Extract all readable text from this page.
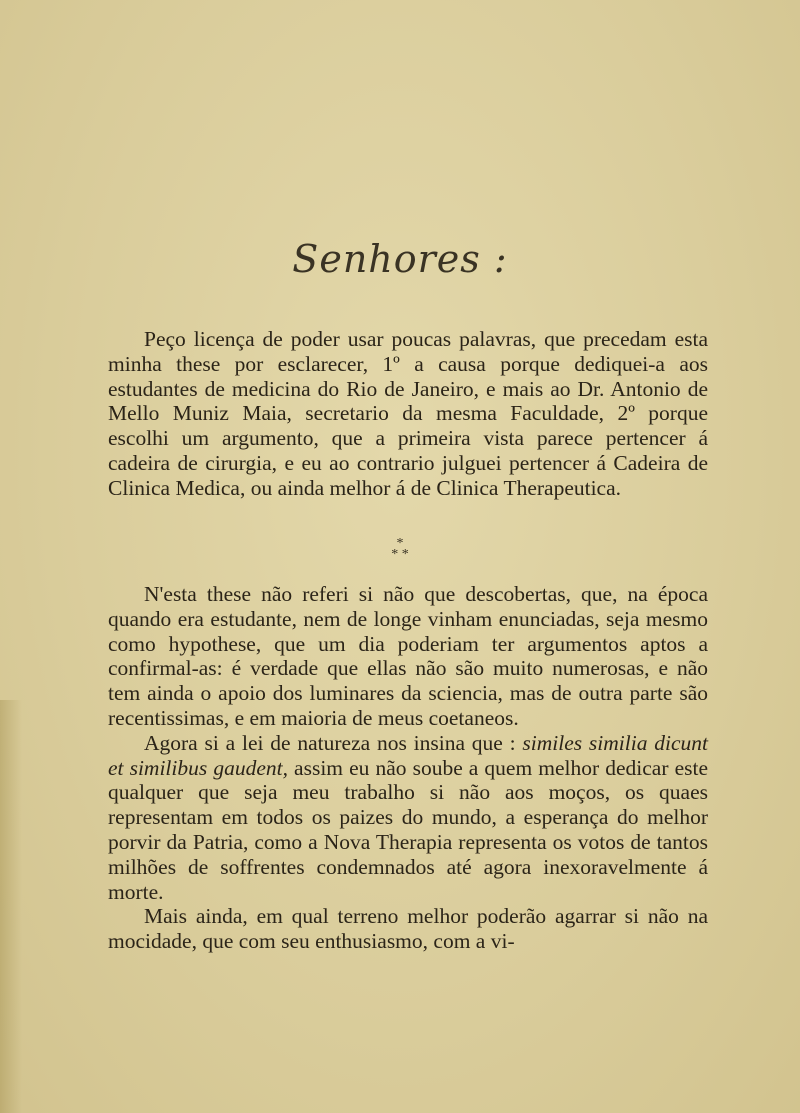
Senhores :

Peço licença de poder usar poucas palavras, que precedam esta minha these por esclarecer, 1º a causa porque dediquei-a aos estudantes de medicina do Rio de Janeiro, e mais ao Dr. Antonio de Mello Muniz Maia, secretario da mesma Faculdade, 2º porque escolhi um argumento, que a primeira vista parece pertencer á cadeira de cirurgia, e eu ao contrario julguei pertencer á Cadeira de Clinica Medica, ou ainda melhor á de Clinica Therapeutica.

*
* *

N'esta these não referi si não que descobertas, que, na época quando era estudante, nem de longe vinham enunciadas, seja mesmo como hypothese, que um dia poderiam ter argumentos aptos a confirmal-as: é verdade que ellas não são muito numerosas, e não tem ainda o apoio dos luminares da sciencia, mas de outra parte são recentissimas, e em maioria de meus coetaneos.

Agora si a lei de natureza nos insina que : similes similia dicunt et similibus gaudent, assim eu não soube a quem melhor dedicar este qualquer que seja meu trabalho si não aos moços, os quaes representam em todos os paizes do mundo, a esperança do melhor porvir da Patria, como a Nova Therapia representa os votos de tantos milhões de soffrentes condemnados até agora inexoravelmente á morte.

Mais ainda, em qual terreno melhor poderão agarrar si não na mocidade, que com seu enthusiasmo, com a vi-
